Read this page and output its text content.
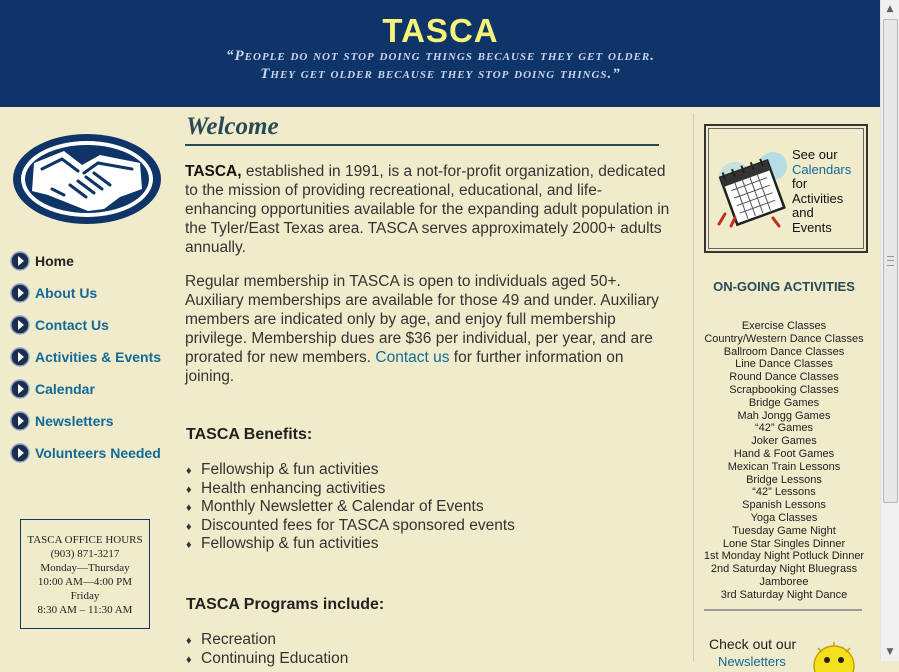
TASCA
“People do not stop doing things because they get older.
They get older because they stop doing things.”
▲
▼
Home
About Us
Contact Us
Activities & Events
Calendar
Newsletters
Volunteers Needed
TASCA OFFICE HOURS
(903) 871-3217
Monday—Thursday
10:00 AM—4:00 PM
Friday
8:30 AM – 11:30 AM
Welcome
TASCA, established in 1991, is a not-for-profit organization, dedicated to the mission of providing recreational, educational, and life-enhancing opportunities available for the expanding adult population in the Tyler/East Texas area. TASCA serves approximately 2000+ adults annually.
Regular membership in TASCA is open to individuals aged 50+. Auxiliary memberships are available for those 49 and under. Auxiliary members are indicated only by age, and enjoy full membership privilege. Membership dues are $36 per individual, per year, and are prorated for new members. Contact us for further information on joining.
TASCA Benefits:
♦ Fellowship & fun activities
♦ Health enhancing activities
♦ Monthly Newsletter & Calendar of Events
♦ Discounted fees for TASCA sponsored events
♦ Fellowship & fun activities
TASCA Programs include:
♦ Recreation
♦ Continuing Education
See our
Calendars
for
Activities
and
Events
ON-GOING ACTIVITIES
Exercise Classes
Country/Western Dance Classes
Ballroom Dance Classes
Line Dance Classes
Round Dance Classes
Scrapbooking Classes
Bridge Games
Mah Jongg Games
“42” Games
Joker Games
Hand & Foot Games
Mexican Train Lessons
Bridge Lessons
“42” Lessons
Spanish Lessons
Yoga Classes
Tuesday Game Night
Lone Star Singles Dinner
1st Monday Night Potluck Dinner
2nd Saturday Night Bluegrass
Jamboree
3rd Saturday Night Dance
Check out our
Newsletters
